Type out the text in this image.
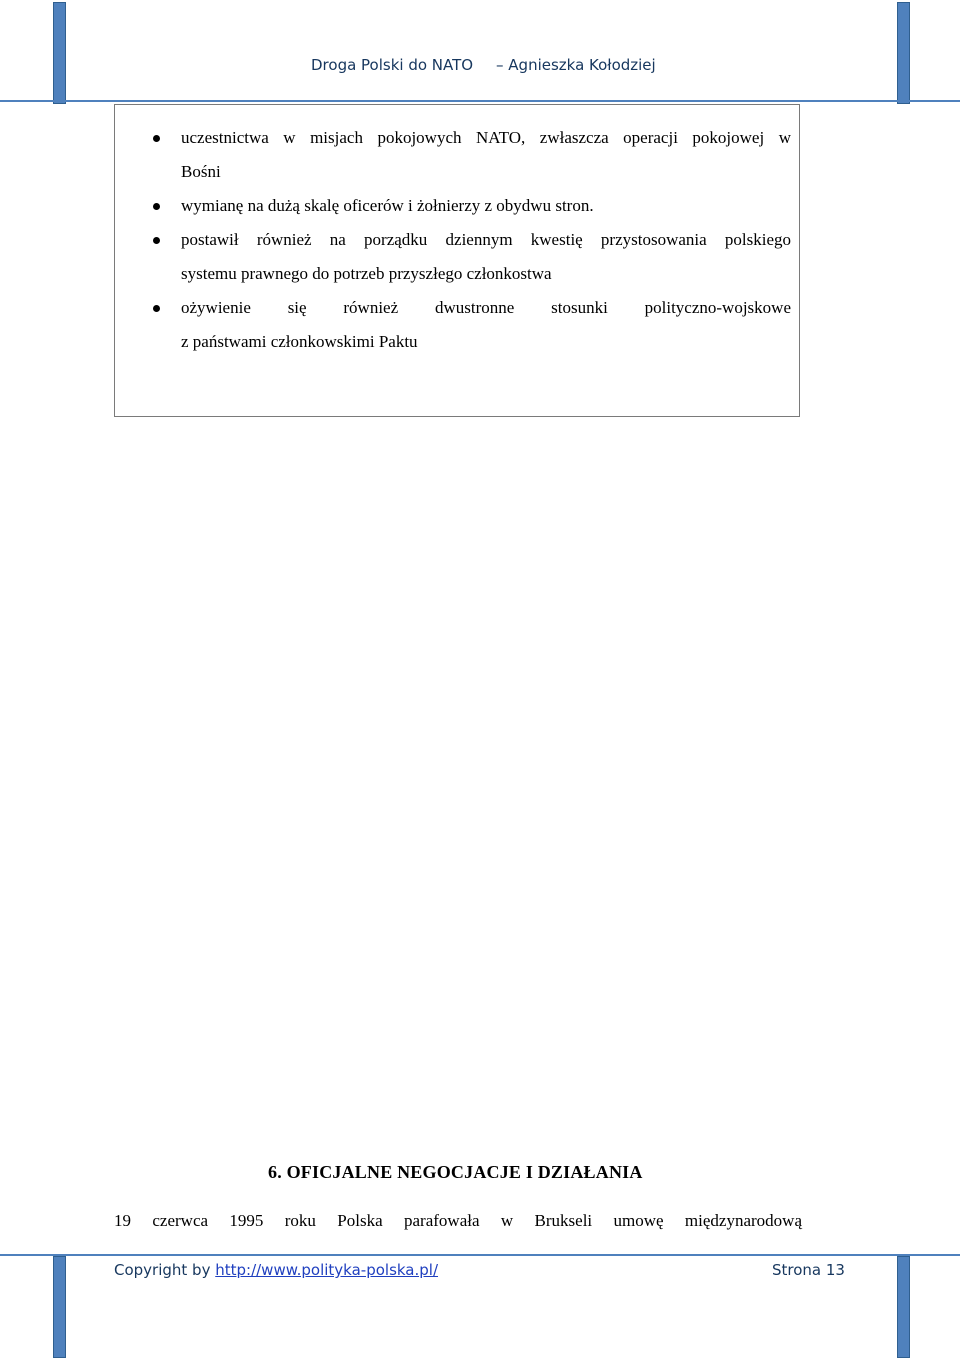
Droga Polski do NATO – Agnieszka Kołodziej
uczestnictwa w misjach pokojowych NATO, zwłaszcza operacji pokojowej w
Bośni
wymianę na dużą skalę oficerów i żołnierzy z obydwu stron.
postawił również na porządku dziennym kwestię przystosowania polskiego
systemu prawnego do potrzeb przyszłego członkostwa
ożywienie się również dwustronne stosunki polityczno-wojskowe
z państwami członkowskimi Paktu
6. OFICJALNE NEGOCJACJE I DZIAŁANIA
19 czerwca 1995 roku Polska parafowała w Brukseli umowę międzynarodową
Copyright by http://www.polityka-polska.pl/	Strona 13
